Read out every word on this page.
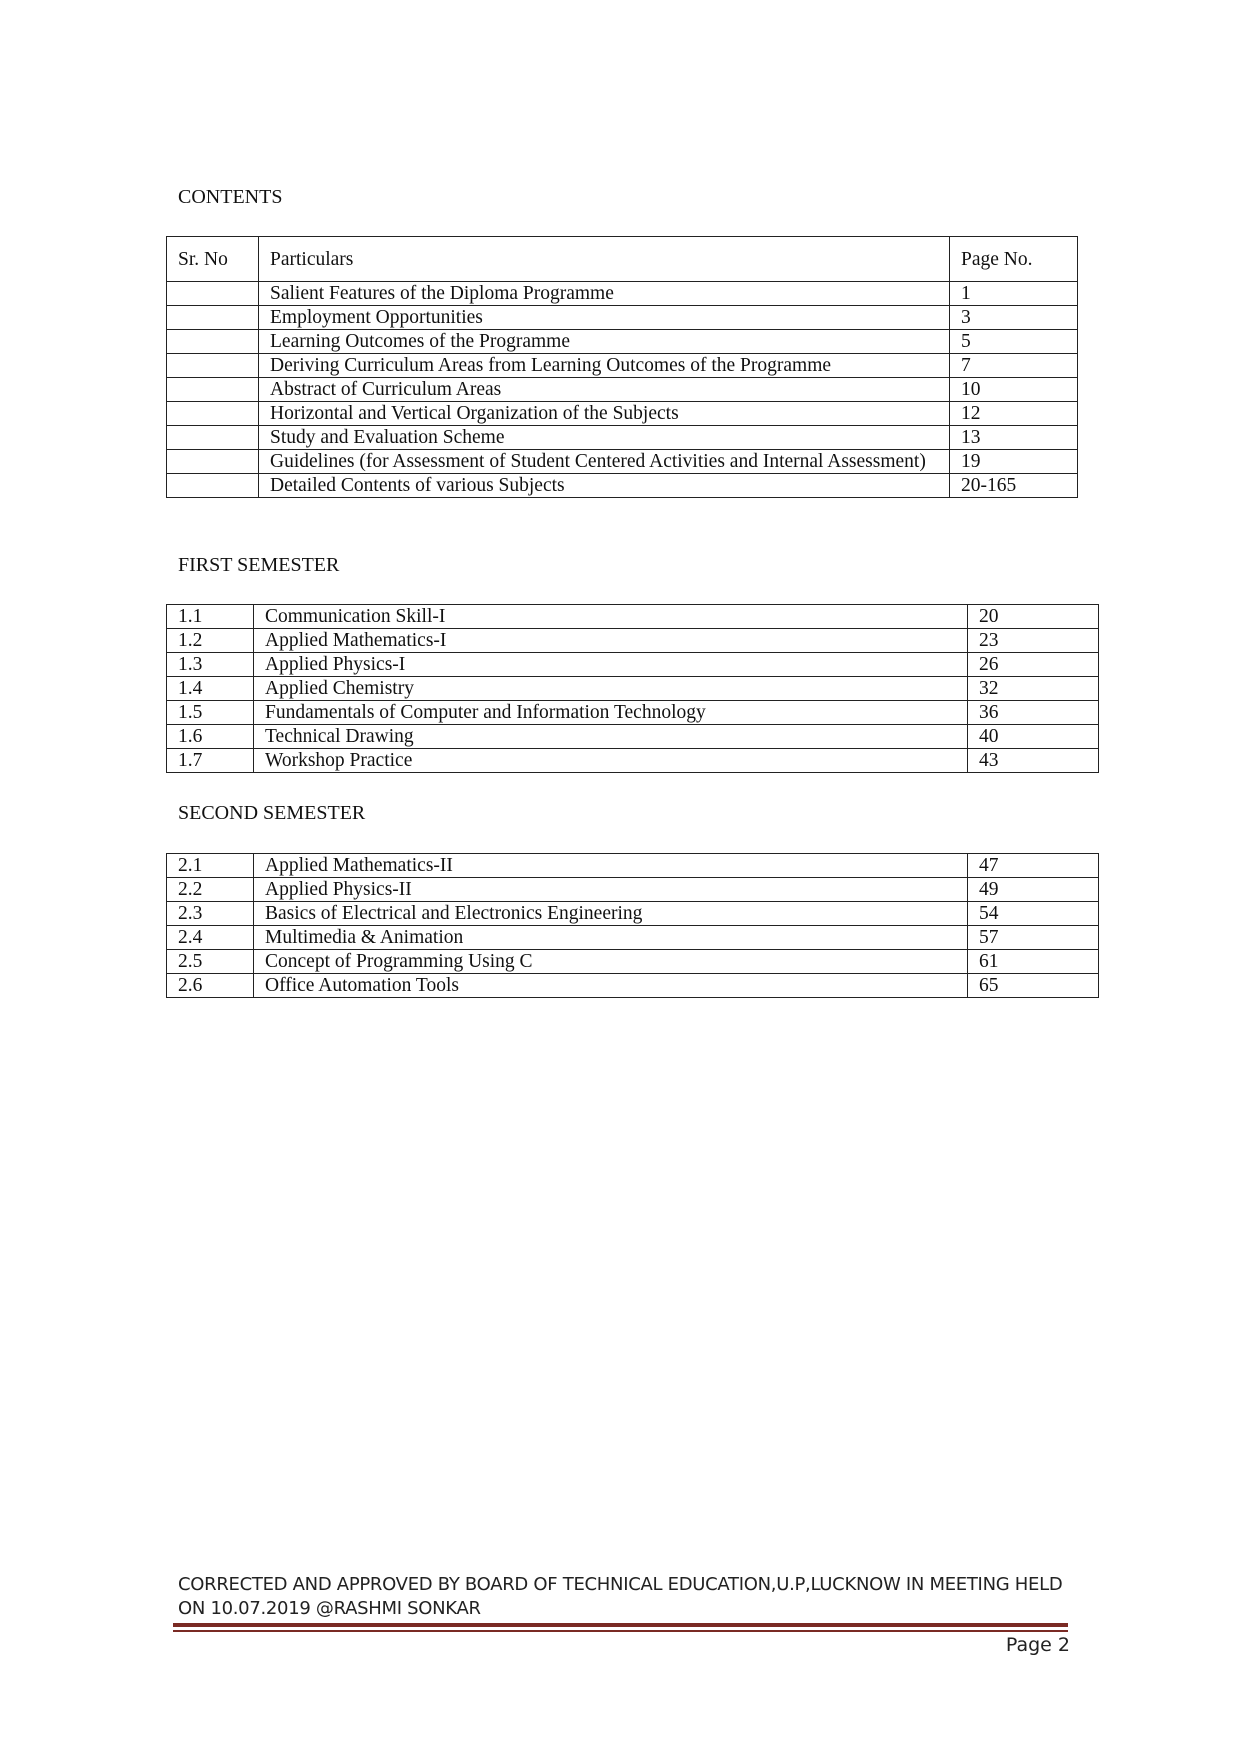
CONTENTS
Sr. No	Particulars	Page No.
	Salient Features of the Diploma Programme	1
	Employment Opportunities	3
	Learning Outcomes of the Programme	5
	Deriving Curriculum Areas from Learning Outcomes of the Programme	7
	Abstract of Curriculum Areas	10
	Horizontal and Vertical Organization of the Subjects	12
	Study and Evaluation Scheme	13
	Guidelines (for Assessment of Student Centered Activities and Internal Assessment)	19
	Detailed Contents of various Subjects	20-165
FIRST SEMESTER
1.1	Communication Skill-I	20
1.2	Applied Mathematics-I	23
1.3	Applied Physics-I	26
1.4	Applied Chemistry	32
1.5	Fundamentals of Computer and Information Technology	36
1.6	Technical Drawing	40
1.7	Workshop Practice	43
SECOND SEMESTER
2.1	Applied Mathematics-II	47
2.2	Applied Physics-II	49
2.3	Basics of Electrical and Electronics Engineering	54
2.4	Multimedia & Animation	57
2.5	Concept of Programming Using C	61
2.6	Office Automation Tools	65
CORRECTED AND APPROVED BY BOARD OF TECHNICAL EDUCATION,U.P,LUCKNOW IN MEETING HELD ON 10.07.2019 @RASHMI SONKAR
Page 2
